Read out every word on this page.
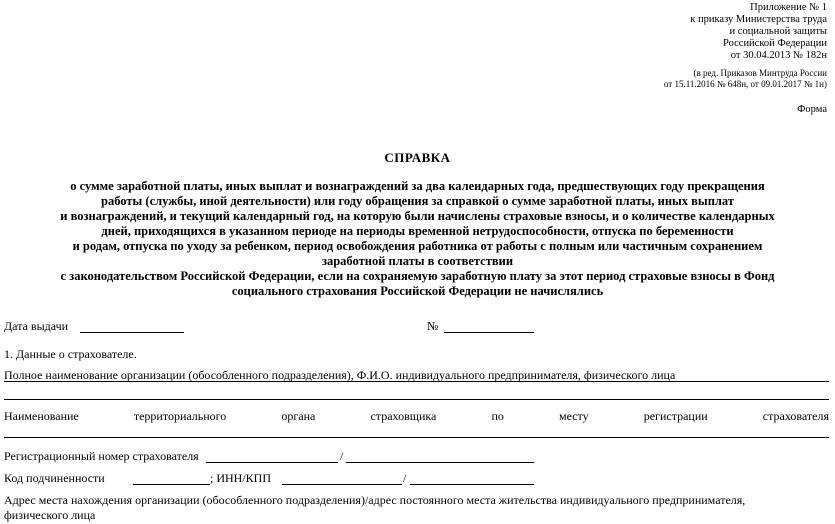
Приложение № 1
к приказу Министерства труда
и социальной защиты
Российской Федерации
от 30.04.2013 № 182н
(в ред. Приказов Минтруда России
от 15.11.2016 № 648н, от 09.01.2017 № 1н)
Форма
СПРАВКА
о сумме заработной платы, иных выплат и вознаграждений за два календарных года, предшествующих году прекращения
работы (службы, иной деятельности) или году обращения за справкой о сумме заработной платы, иных выплат
и вознаграждений, и текущий календарный год, на которую были начислены страховые взносы, и о количестве календарных
дней, приходящихся в указанном периоде на периоды временной нетрудоспособности, отпуска по беременности
и родам, отпуска по уходу за ребенком, период освобождения работника от работы с полным или частичным сохранением
заработной платы в соответствии
с законодательством Российской Федерации, если на сохраняемую заработную плату за этот период страховые взносы в Фонд
социального страхования Российской Федерации не начислялись
Дата выдачи	№
1. Данные о страхователе.
Полное наименование организации (обособленного подразделения), Ф.И.О. индивидуального предпринимателя, физического лица
Наименование	территориального	органа	страховщика	по	месту	регистрации	страхователя
Регистрационный номер страхователя	/
Код подчиненности	; ИНН/КПП	/
Адрес места нахождения организации (обособленного подразделения)/адрес постоянного места жительства индивидуального предпринимателя,
физического лица
